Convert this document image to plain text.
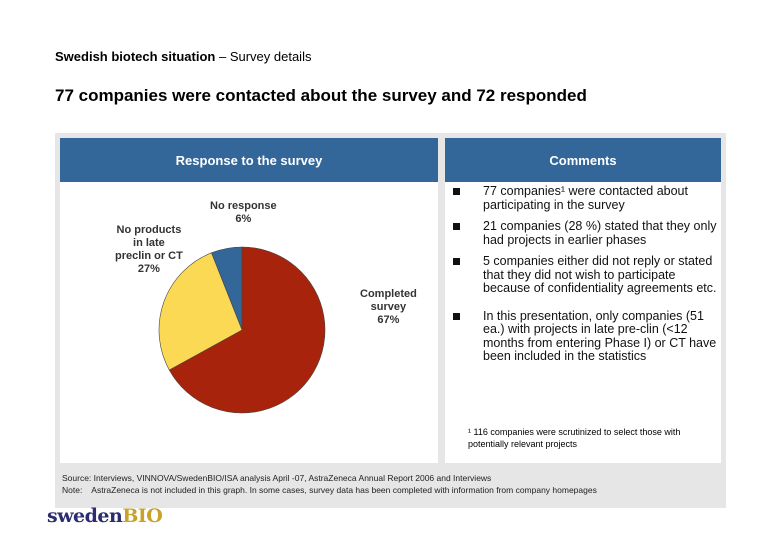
Swedish biotech situation – Survey details
77 companies were contacted about the survey and 72 responded
Response to the survey
No response
6%
Completed
survey
67%
No products
in late
preclin or CT
27%
Comments
77 companies¹ were contacted about participating in the survey
21 companies (28 %) stated that they only had projects in earlier phases
5 companies either did not reply or stated that they did not wish to participate because of confidentiality agreements etc.
In this presentation, only companies (51 ea.) with projects in late pre-clin (<12 months from entering Phase I) or CT have been included in the statistics
¹ 116 companies were scrutinized to select those with potentially relevant projects
Source: Interviews, VINNOVA/SwedenBIO/ISA analysis April -07, AstraZeneca Annual Report 2006 and Interviews
Note:    AstraZeneca is not included in this graph. In some cases, survey data has been completed with information from company homepages
swedenBIO
